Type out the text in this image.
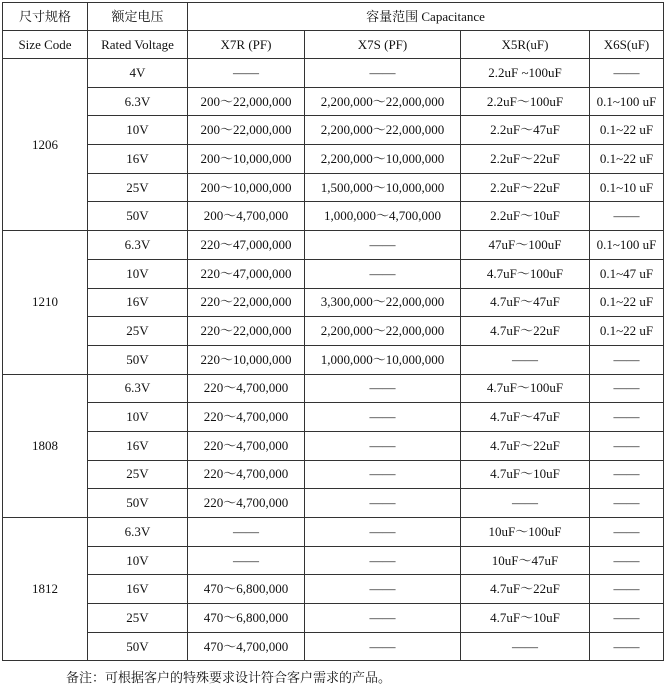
尺寸规格	额定电压	容量范围 Capacitance			
Size Code	Rated Voltage	X7R (PF)	X7S (PF)	X5R(uF)	X6S(uF)
1206	4V	——	——	2.2uF ~100uF	——
	6.3V	200～22,000,000	2,200,000～22,000,000	2.2uF～100uF	0.1~100 uF
	10V	200～22,000,000	2,200,000～22,000,000	2.2uF～47uF	0.1~22 uF
	16V	200～10,000,000	2,200,000～10,000,000	2.2uF～22uF	0.1~22 uF
	25V	200～10,000,000	1,500,000～10,000,000	2.2uF～22uF	0.1~10 uF
	50V	200～4,700,000	1,000,000～4,700,000	2.2uF～10uF	——
1210	6.3V	220～47,000,000	——	47uF～100uF	0.1~100 uF
	10V	220～47,000,000	——	4.7uF～100uF	0.1~47 uF
	16V	220～22,000,000	3,300,000～22,000,000	4.7uF～47uF	0.1~22 uF
	25V	220～22,000,000	2,200,000～22,000,000	4.7uF～22uF	0.1~22 uF
	50V	220～10,000,000	1,000,000～10,000,000	——	——
1808	6.3V	220～4,700,000	——	4.7uF～100uF	——
	10V	220～4,700,000	——	4.7uF～47uF	——
	16V	220～4,700,000	——	4.7uF～22uF	——
	25V	220～4,700,000	——	4.7uF～10uF	——
	50V	220～4,700,000	——	——	——
1812	6.3V	——	——	10uF～100uF	——
	10V	——	——	10uF～47uF	——
	16V	470～6,800,000	——	4.7uF～22uF	——
	25V	470～6,800,000	——	4.7uF～10uF	——
	50V	470～4,700,000	——	——	——
备注：可根据客户的特殊要求设计符合客户需求的产品。
